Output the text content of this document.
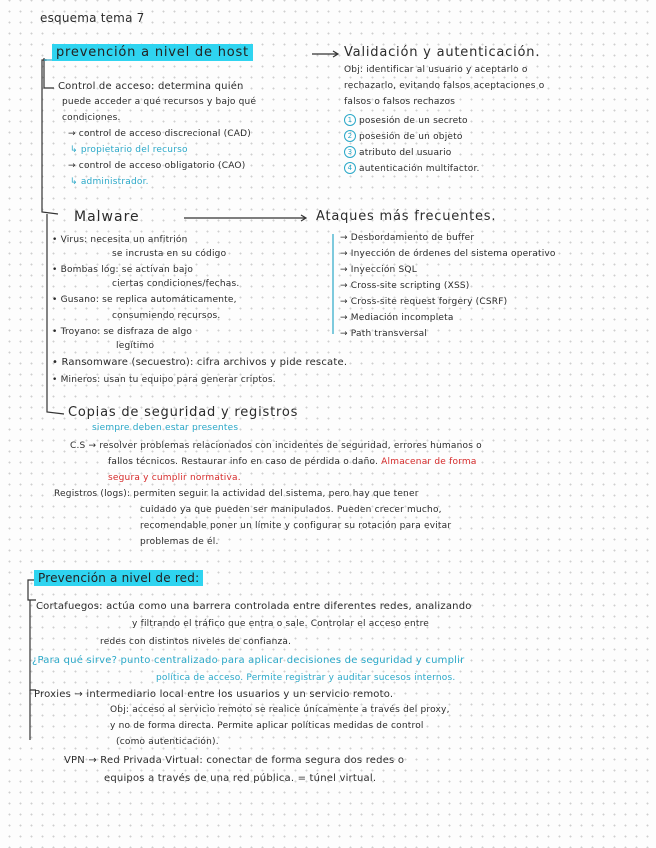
esquema tema 7
prevención a nivel de host	Validación y autenticación.
Obj: identificar al usuario y aceptarlo o
rechazarlo, evitando falsos aceptaciones o
falsos o falsos rechazos
1 posesión de un secreto
2 posesión de un objeto
3 atributo del usuario
4 autenticación multifactor.
Control de acceso: determina quién
puede acceder a qué recursos y bajo qué
condiciones.
→ control de acceso discrecional (CAD)
↳ propietario del recurso
→ control de acceso obligatorio (CAO)
↳ administrador.
Malware	Ataques más frecuentes.
• Virus: necesita un anfitrión
se incrusta en su código
• Bombas lóg: se activan bajo
ciertas condiciones/fechas.
• Gusano: se replica automáticamente,
consumiendo recursos.
• Troyano: se disfraza de algo
legítimo
• Ransomware (secuestro): cifra archivos y pide rescate.
• Mineros: usan tu equipo para generar criptos.
→ Desbordamiento de buffer
→ Inyección de órdenes del sistema operativo
→ Inyección SQL
→ Cross-site scripting (XSS)
→ Cross-site request forgery (CSRF)
→ Mediación incompleta
→ Path transversal
Copias de seguridad y registros
siempre deben estar presentes
C.S → resolver problemas relacionados con incidentes de seguridad, errores humanos o
fallos técnicos. Restaurar info en caso de pérdida o daño. Almacenar de forma
segura y cumplir normativa.
Registros (logs): permiten seguir la actividad del sistema, pero hay que tener
cuidado ya que pueden ser manipulados. Pueden crecer mucho,
recomendable poner un límite y configurar su rotación para evitar
problemas de él.
Prevención a nivel de red:
Cortafuegos: actúa como una barrera controlada entre diferentes redes, analizando
y filtrando el tráfico que entra o sale. Controlar el acceso entre
redes con distintos niveles de confianza.
¿Para qué sirve? punto centralizado para aplicar decisiones de seguridad y cumplir
política de acceso. Permite registrar y auditar sucesos internos.
Proxies → intermediario local entre los usuarios y un servicio remoto.
Obj: acceso al servicio remoto se realice únicamente a través del proxy,
y no de forma directa. Permite aplicar políticas medidas de control
(como autenticación).
VPN → Red Privada Virtual: conectar de forma segura dos redes o
equipos a través de una red pública. = túnel virtual.
